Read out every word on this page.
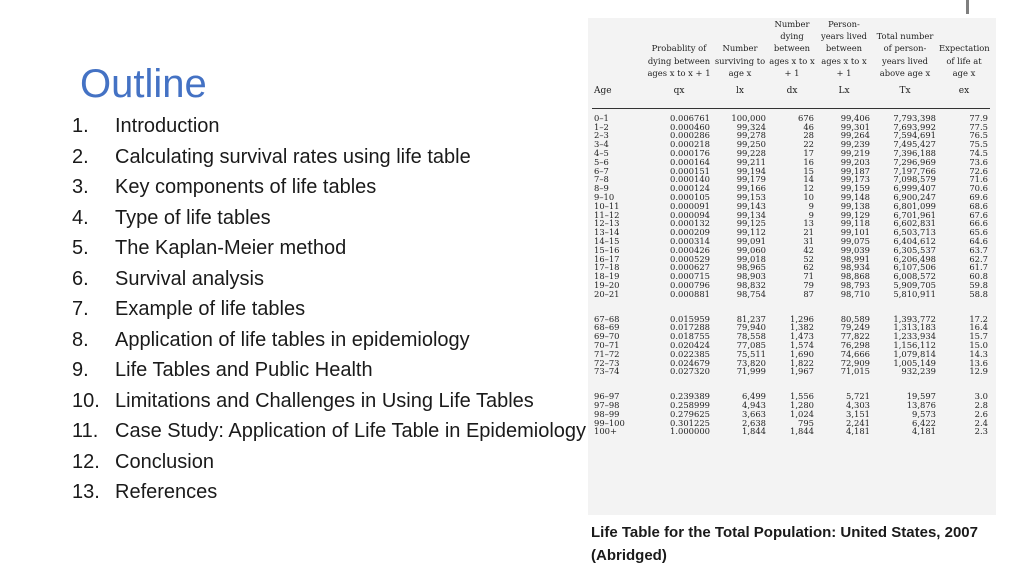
Outline
1.	Introduction
2.	Calculating survival rates using life table
3.	Key components of life tables
4.	Type of life tables
5.	The Kaplan-Meier method
6.	Survival analysis
7.	Example of life tables
8.	Application of life tables in epidemiology
9.	Life Tables and Public Health
10. Limitations and Challenges in Using Life Tables
11. Case Study: Application of Life Table in Epidemiology
12. Conclusion
13. References
	Probablity of dying between ages x to x + 1	Number surviving to age x	Number dying between ages x to x + 1	Person-years lived between ages x to x + 1	Total number of person-years lived above age x	Expectation of life at age x
Age	qx	lx	dx	Lx	Tx	ex

0–1	0.006761	100,000	676	99,406	7,793,398	77.9
1–2	0.000460	99,324	46	99,301	7,693,992	77.5
2–3	0.000286	99,278	28	99,264	7,594,691	76.5
3–4	0.000218	99,250	22	99,239	7,495,427	75.5
4–5	0.000176	99,228	17	99,219	7,396,188	74.5
5–6	0.000164	99,211	16	99,203	7,296,969	73.6
6–7	0.000151	99,194	15	99,187	7,197,766	72.6
7–8	0.000140	99,179	14	99,173	7,098,579	71.6
8–9	0.000124	99,166	12	99,159	6,999,407	70.6
9–10	0.000105	99,153	10	99,148	6,900,247	69.6
10–11	0.000091	99,143	9	99,138	6,801,099	68.6
11–12	0.000094	99,134	9	99,129	6,701,961	67.6
12–13	0.000132	99,125	13	99,118	6,602,831	66.6
13–14	0.000209	99,112	21	99,101	6,503,713	65.6
14–15	0.000314	99,091	31	99,075	6,404,612	64.6
15–16	0.000426	99,060	42	99,039	6,305,537	63.7
16–17	0.000529	99,018	52	98,991	6,206,498	62.7
17–18	0.000627	98,965	62	98,934	6,107,506	61.7
18–19	0.000715	98,903	71	98,868	6,008,572	60.8
19–20	0.000796	98,832	79	98,793	5,909,705	59.8
20–21	0.000881	98,754	87	98,710	5,810,911	58.8

67–68	0.015959	81,237	1,296	80,589	1,393,772	17.2
68–69	0.017288	79,940	1,382	79,249	1,313,183	16.4
69–70	0.018755	78,558	1,473	77,822	1,233,934	15.7
70–71	0.020424	77,085	1,574	76,298	1,156,112	15.0
71–72	0.022385	75,511	1,690	74,666	1,079,814	14.3
72–73	0.024679	73,820	1,822	72,909	1,005,149	13.6
73–74	0.027320	71,999	1,967	71,015	932,239	12.9

96–97	0.239389	6,499	1,556	5,721	19,597	3.0
97–98	0.258999	4,943	1,280	4,303	13,876	2.8
98–99	0.279625	3,663	1,024	3,151	9,573	2.6
99–100	0.301225	2,638	795	2,241	6,422	2.4
100+	1.000000	1,844	1,844	4,181	4,181	2.3
Life Table for the Total Population: United States, 2007 (Abridged)
